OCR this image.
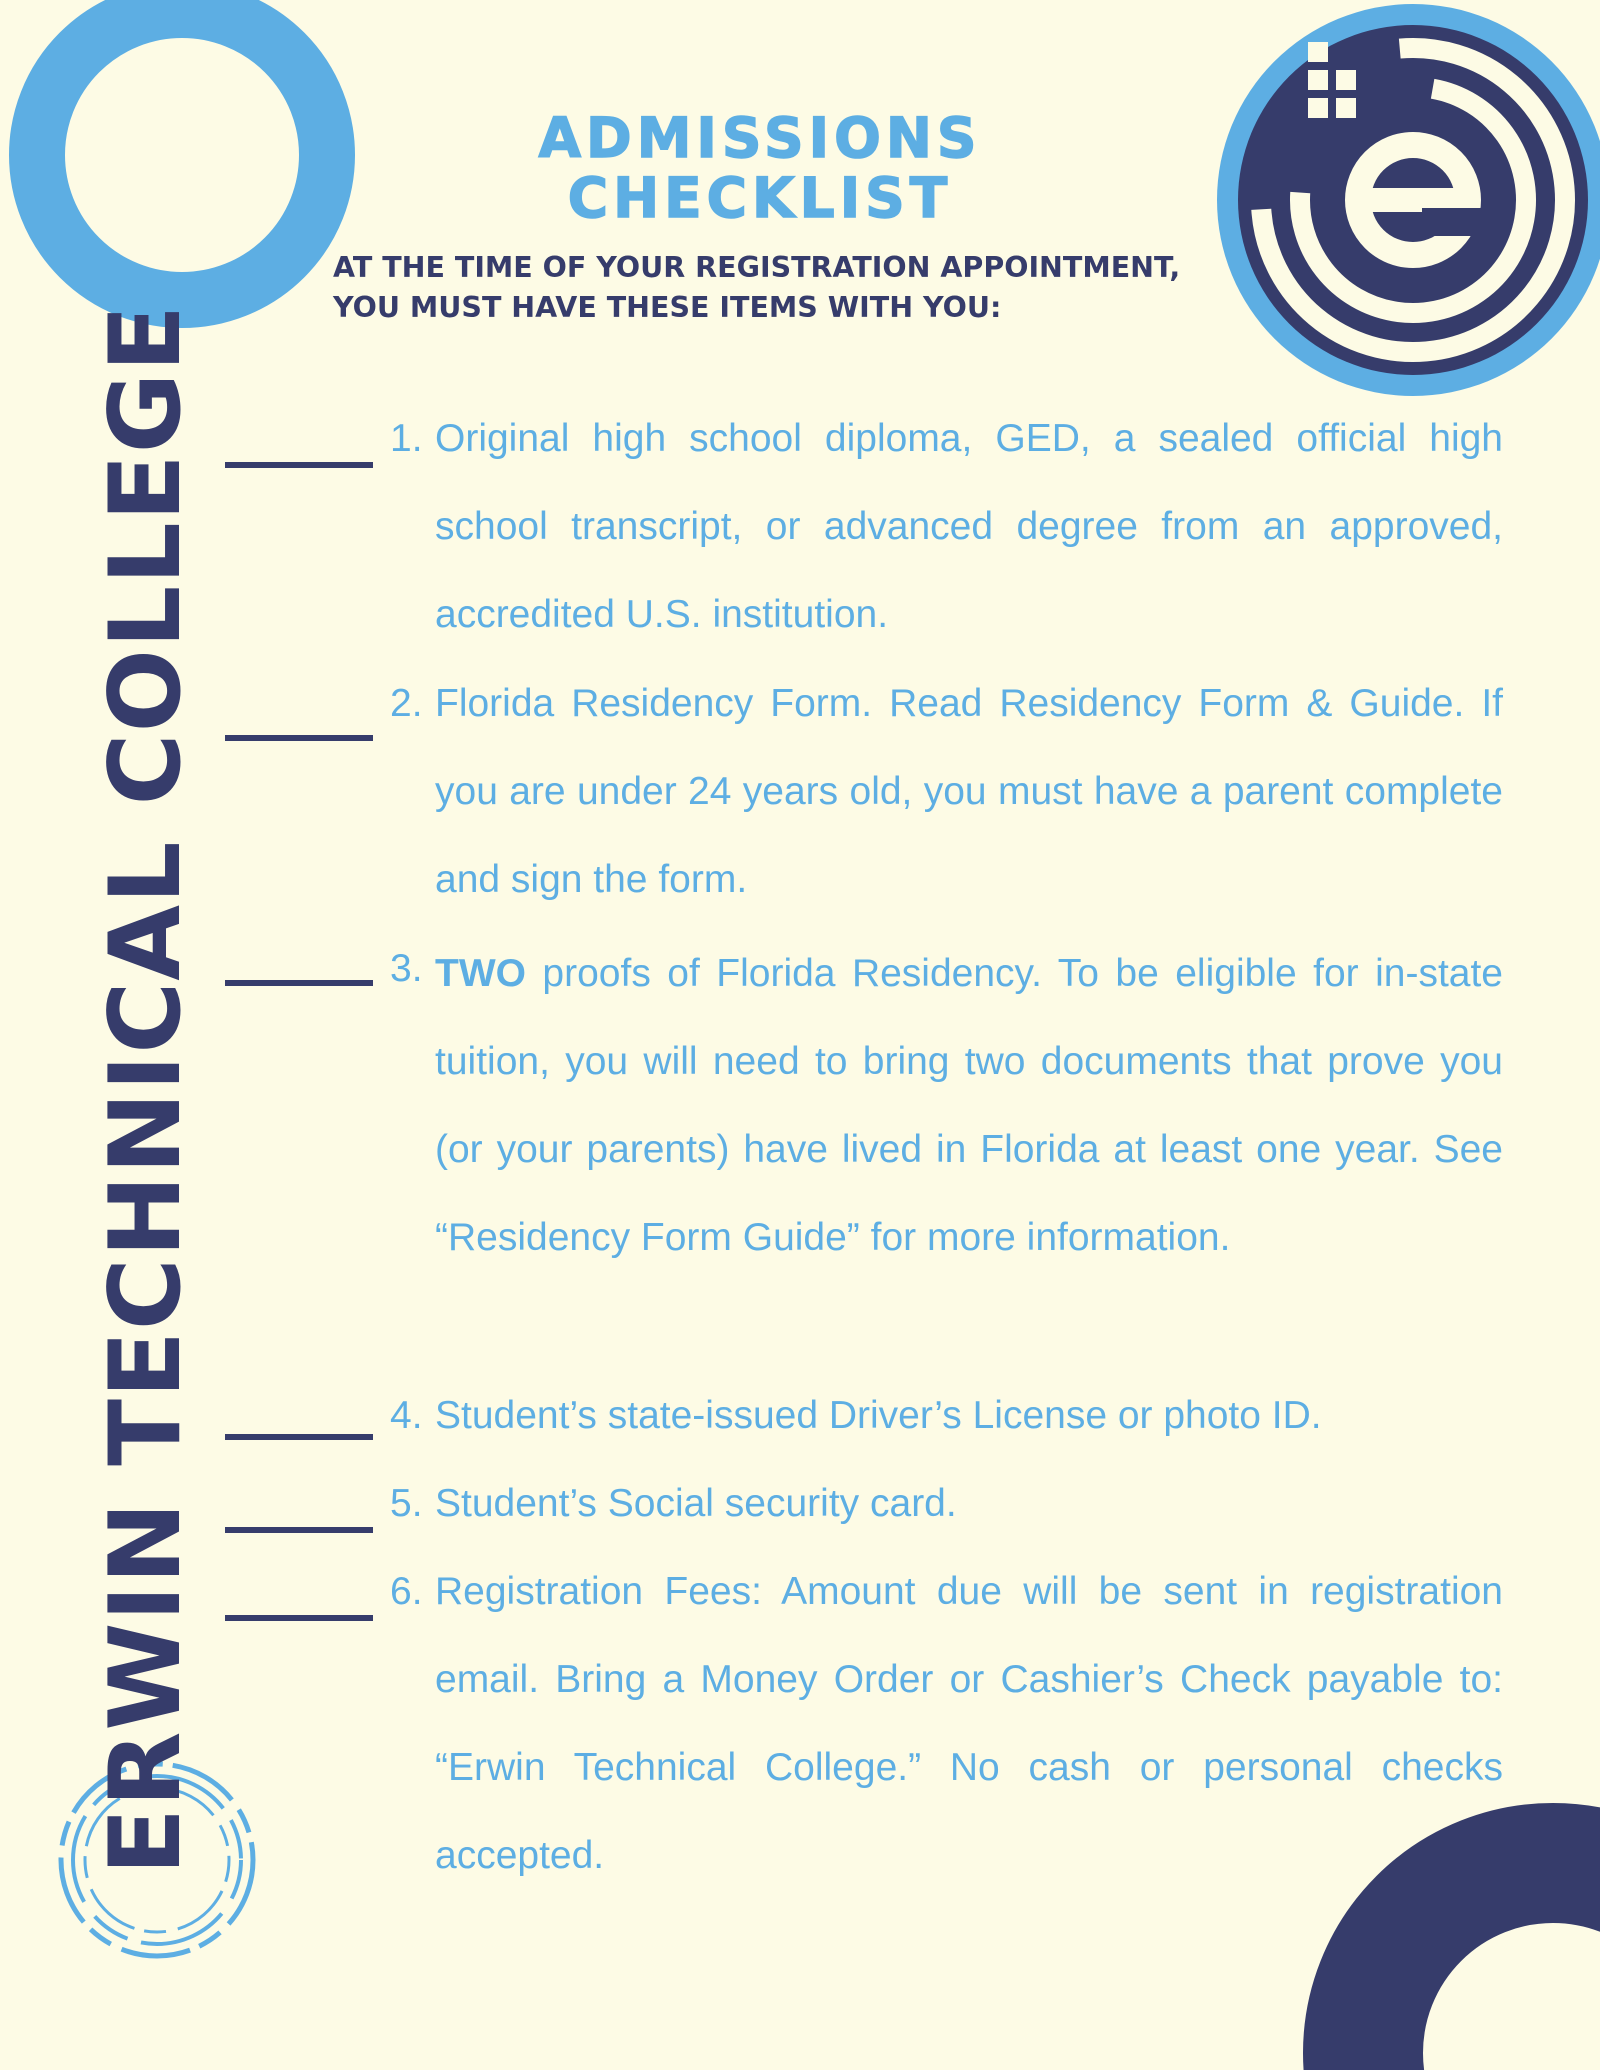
ADMISSIONS
CHECKLIST
AT THE TIME OF YOUR REGISTRATION APPOINTMENT, YOU MUST HAVE THESE ITEMS WITH YOU:
ERWIN TECHNICAL COLLEGE	1. Original high school diploma, GED, a sealed official high school transcript, or advanced degree from an approved, accredited U.S. institution.
2. Florida Residency Form. Read Residency Form & Guide. If you are under 24 years old, you must have a parent complete and sign the form.
3. TWO proofs of Florida Residency. To be eligible for in-state tuition, you will need to bring two documents that prove you (or your parents) have lived in Florida at least one year. See “Residency Form Guide” for more information.
4. Student’s state-issued Driver’s License or photo ID.
5. Student’s Social security card.
6. Registration Fees: Amount due will be sent in registration email. Bring a Money Order or Cashier’s Check payable to: “Erwin Technical College.” No cash or personal checks accepted.
